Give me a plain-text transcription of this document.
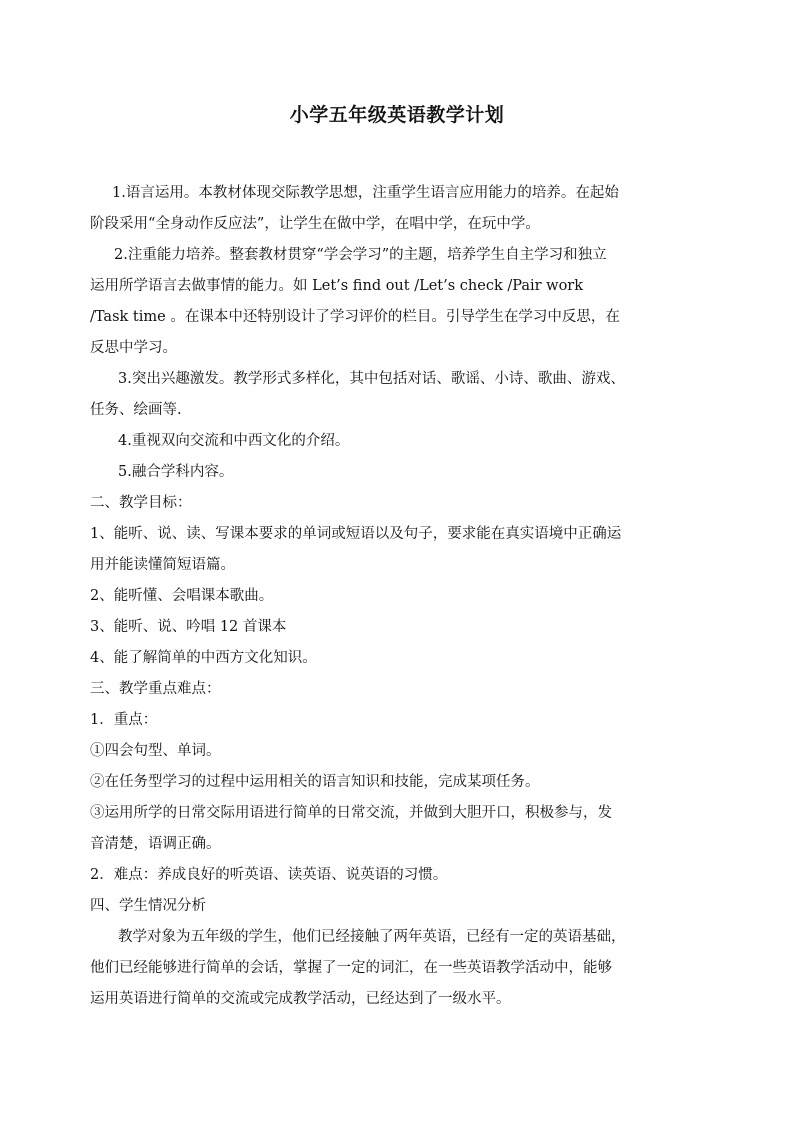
小学五年级英语教学计划
1.语言运用。本教材体现交际教学思想，注重学生语言应用能力的培养。在起始
阶段采用“全身动作反应法”，让学生在做中学，在唱中学，在玩中学。
2.注重能力培养。整套教材贯穿“学会学习”的主题，培养学生自主学习和独立
运用所学语言去做事情的能力。如 Let’s find out /Let’s check /Pair work
/Task time 。在课本中还特别设计了学习评价的栏目。引导学生在学习中反思，在
反思中学习。
3.突出兴趣激发。教学形式多样化，其中包括对话、歌谣、小诗、歌曲、游戏、
任务、绘画等.
4.重视双向交流和中西文化的介绍。
5.融合学科内容。
二、教学目标：
1、能听、说、读、写课本要求的单词或短语以及句子，要求能在真实语境中正确运
用并能读懂简短语篇。
2、能听懂、会唱课本歌曲。
3、能听、说、吟唱 12 首课本
4、能了解简单的中西方文化知识。
三、教学重点难点：
1．重点：
①四会句型、单词。
②在任务型学习的过程中运用相关的语言知识和技能，完成某项任务。
③运用所学的日常交际用语进行简单的日常交流，并做到大胆开口，积极参与，发
音清楚，语调正确。
2．难点：养成良好的听英语、读英语、说英语的习惯。
四、学生情况分析
教学对象为五年级的学生，他们已经接触了两年英语，已经有一定的英语基础，
他们已经能够进行简单的会话，掌握了一定的词汇，在一些英语教学活动中，能够
运用英语进行简单的交流或完成教学活动，已经达到了一级水平。
